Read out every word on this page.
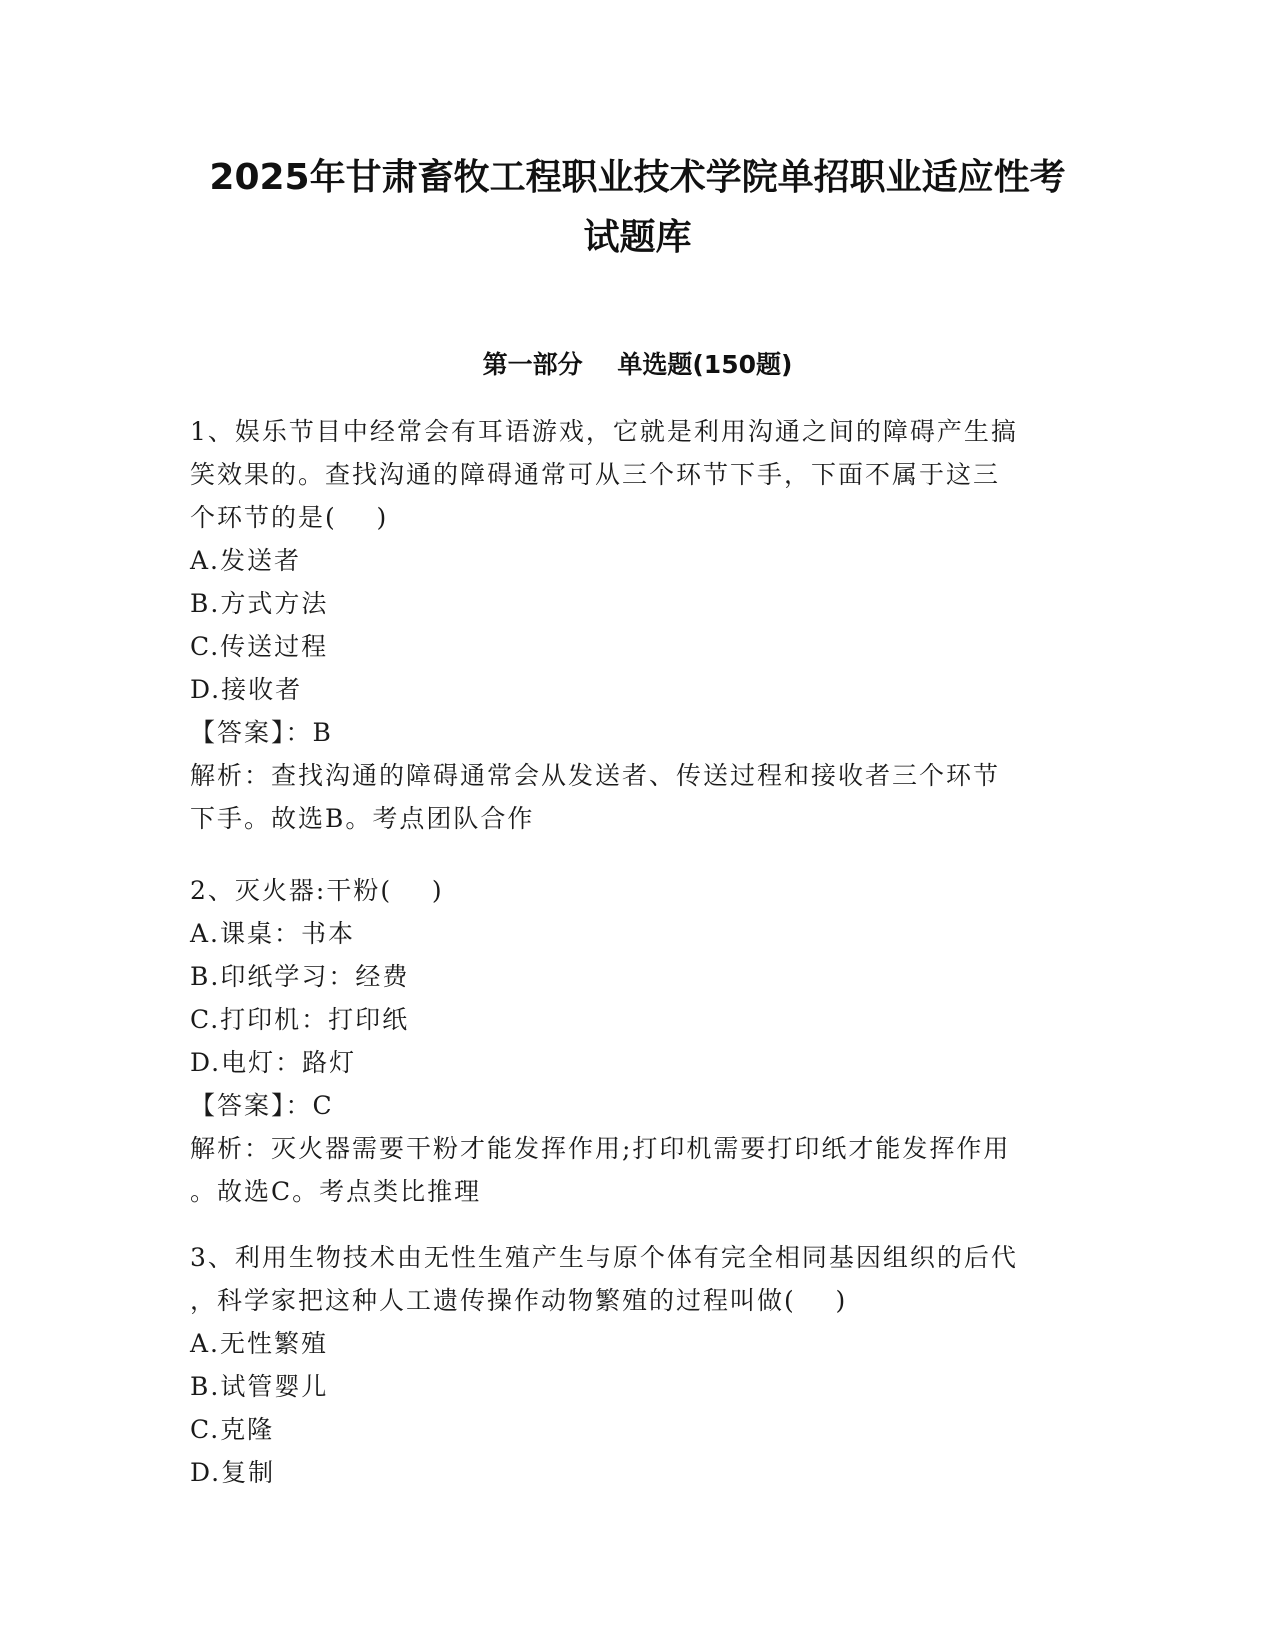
2025年甘肃畜牧工程职业技术学院单招职业适应性考
试题库
第一部分    单选题(150题)
1、娱乐节目中经常会有耳语游戏，它就是利用沟通之间的障碍产生搞
笑效果的。查找沟通的障碍通常可从三个环节下手，下面不属于这三
个环节的是(    )
A.发送者
B.方式方法
C.传送过程
D.接收者
【答案】：B
解析：查找沟通的障碍通常会从发送者、传送过程和接收者三个环节
下手。故选B。考点团队合作
2、灭火器:干粉(    )
A.课桌：书本
B.印纸学习：经费
C.打印机：打印纸
D.电灯：路灯
【答案】：C
解析：灭火器需要干粉才能发挥作用;打印机需要打印纸才能发挥作用
。故选C。考点类比推理
3、利用生物技术由无性生殖产生与原个体有完全相同基因组织的后代
，科学家把这种人工遗传操作动物繁殖的过程叫做(    )
A.无性繁殖
B.试管婴儿
C.克隆
D.复制
